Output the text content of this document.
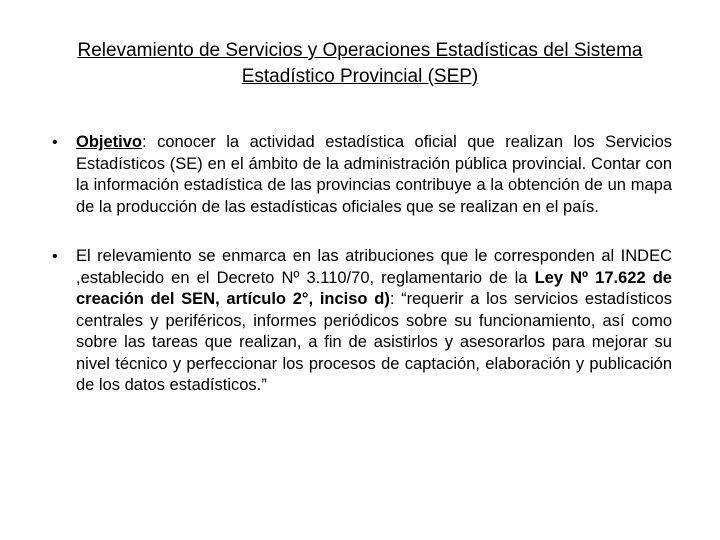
Relevamiento de Servicios y Operaciones Estadísticas del Sistema
Estadístico Provincial (SEP)
•	Objetivo: conocer la actividad estadística oficial que realizan los Servicios Estadísticos (SE) en el ámbito de la administración pública provincial. Contar con la información estadística de las provincias contribuye a la obtención de un mapa de la producción de las estadísticas oficiales que se realizan en el país.
•	El relevamiento se enmarca en las atribuciones que le corresponden al INDEC ,establecido en el Decreto Nº 3.110/70, reglamentario de la Ley Nº 17.622 de creación del SEN, artículo 2°, inciso d): “requerir a los servicios estadísticos centrales y periféricos, informes periódicos sobre su funcionamiento, así como sobre las tareas que realizan, a fin de asistirlos y asesorarlos para mejorar su nivel técnico y perfeccionar los procesos de captación, elaboración y publicación de los datos estadísticos.”
